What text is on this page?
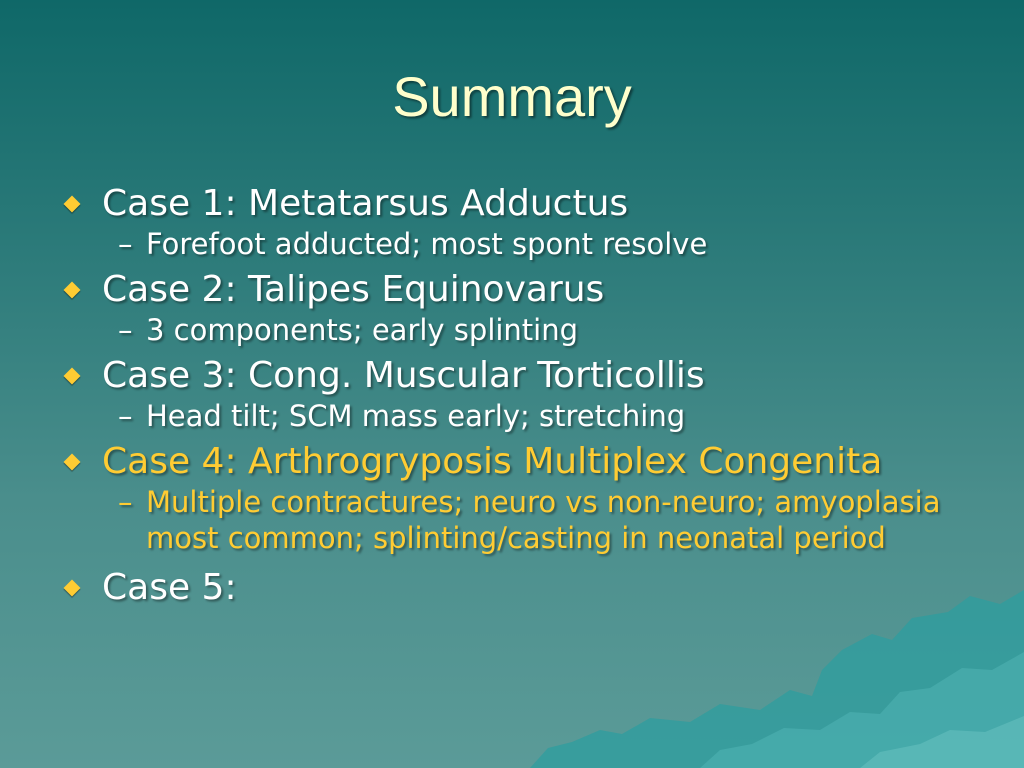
Summary
Case 1: Metatarsus Adductus
– Forefoot adducted; most spont resolve
Case 2: Talipes Equinovarus
– 3 components; early splinting
Case 3: Cong. Muscular Torticollis
– Head tilt; SCM mass early; stretching
Case 4: Arthrogryposis Multiplex Congenita
– Multiple contractures; neuro vs non-neuro; amyoplasia most common; splinting/casting in neonatal period
Case 5:
